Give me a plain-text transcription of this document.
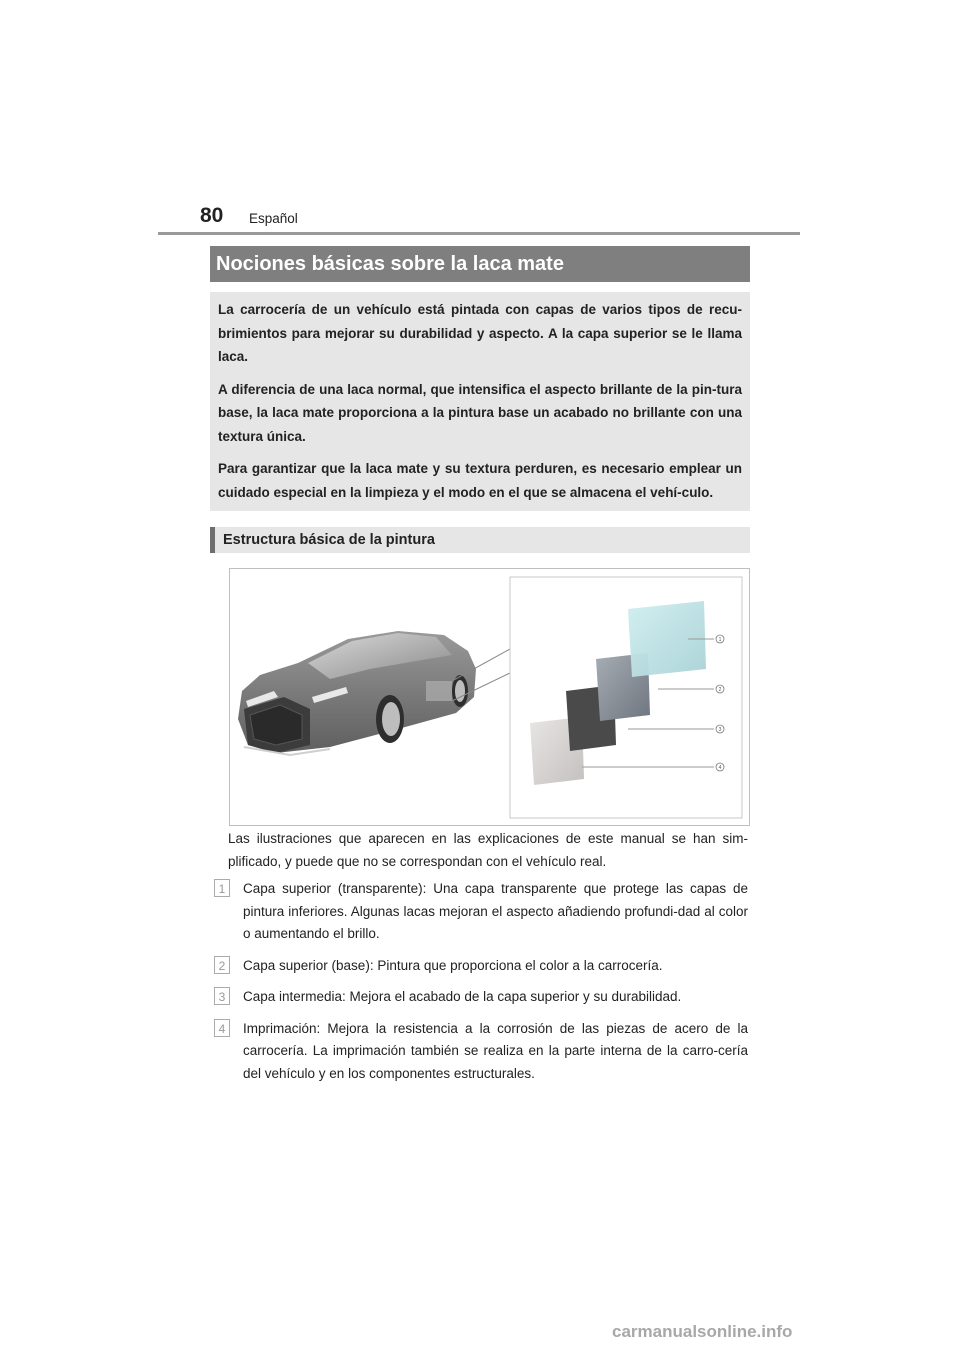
80 Español
Nociones básicas sobre la laca mate

La carrocería de un vehículo está pintada con capas de varios tipos de recu-brimientos para mejorar su durabilidad y aspecto. A la capa superior se le llama laca.

A diferencia de una laca normal, que intensifica el aspecto brillante de la pin-tura base, la laca mate proporciona a la pintura base un acabado no brillante con una textura única.

Para garantizar que la laca mate y su textura perduren, es necesario emplear un cuidado especial en la limpieza y el modo en el que se almacena el vehí-culo.

Estructura básica de la pintura
1
2
3
4
Las ilustraciones que aparecen en las explicaciones de este manual se han sim-plificado, y puede que no se correspondan con el vehículo real.
1	Capa superior (transparente): Una capa transparente que protege las capas de pintura inferiores. Algunas lacas mejoran el aspecto añadiendo profundi-dad al color o aumentando el brillo.
2	Capa superior (base): Pintura que proporciona el color a la carrocería.
3	Capa intermedia: Mejora el acabado de la capa superior y su durabilidad.
4	Imprimación: Mejora la resistencia a la corrosión de las piezas de acero de la carrocería. La imprimación también se realiza en la parte interna de la carro-cería del vehículo y en los componentes estructurales.
carmanualsonline.info
